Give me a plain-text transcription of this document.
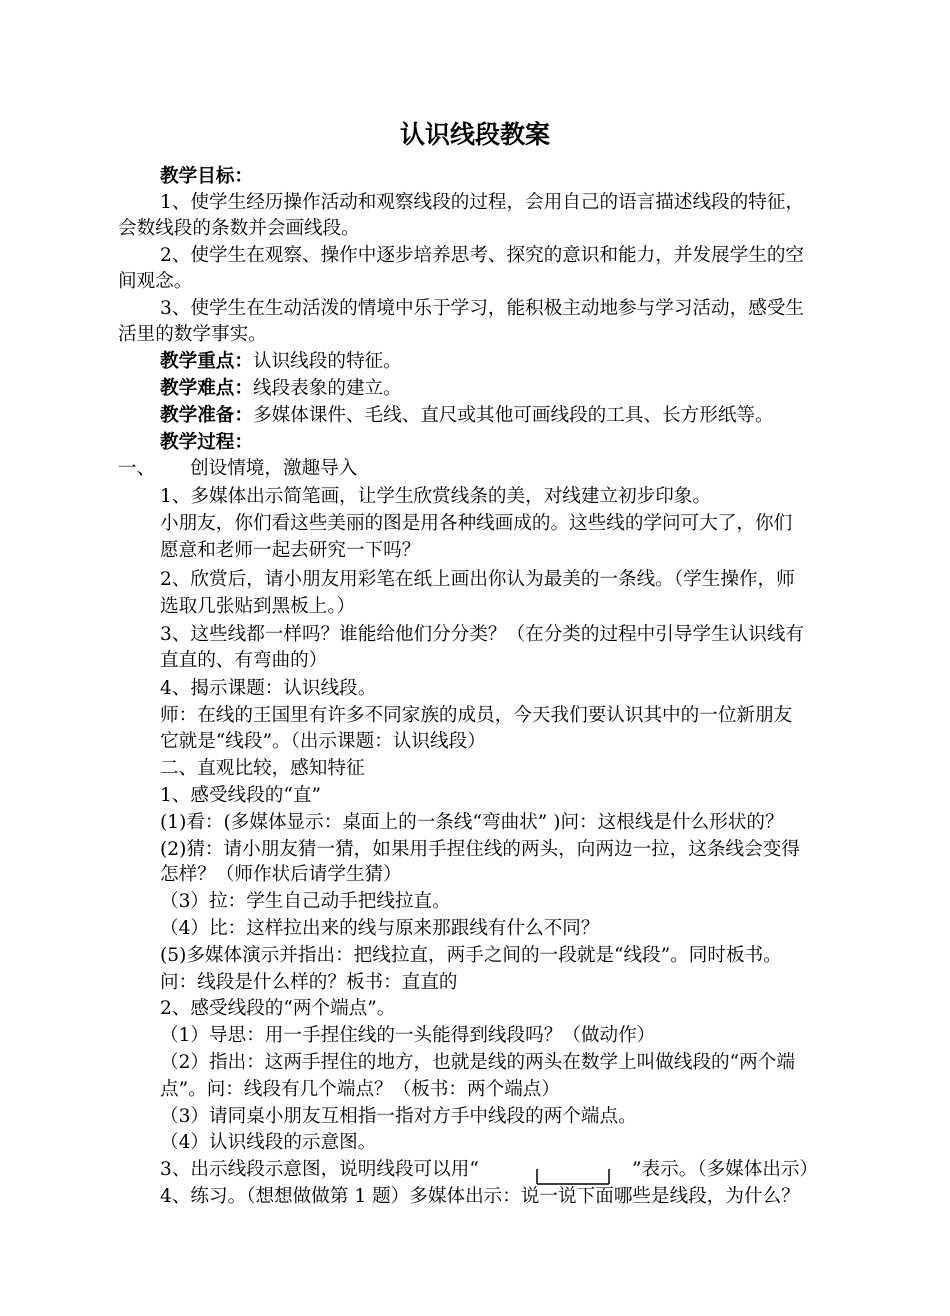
认识线段教案
教学目标：
1、使学生经历操作活动和观察线段的过程，会用自己的语言描述线段的特征，
会数线段的条数并会画线段。
2、使学生在观察、操作中逐步培养思考、探究的意识和能力，并发展学生的空
间观念。
3、使学生在生动活泼的情境中乐于学习，能积极主动地参与学习活动，感受生
活里的数学事实。
教学重点：认识线段的特征。
教学难点：线段表象的建立。
教学准备：多媒体课件、毛线、直尺或其他可画线段的工具、长方形纸等。
教学过程：
一、 创设情境，激趣导入
1、多媒体出示简笔画，让学生欣赏线条的美，对线建立初步印象。
小朋友，你们看这些美丽的图是用各种线画成的。这些线的学问可大了，你们
愿意和老师一起去研究一下吗？
2、欣赏后，请小朋友用彩笔在纸上画出你认为最美的一条线。（学生操作，师
选取几张贴到黑板上。）
3、这些线都一样吗？谁能给他们分分类？（在分类的过程中引导学生认识线有
直直的、有弯曲的）
4、揭示课题：认识线段。
师：在线的王国里有许多不同家族的成员，今天我们要认识其中的一位新朋友
它就是“线段”。（出示课题：认识线段）
二、直观比较，感知特征
1、感受线段的“直”
(1)看：(多媒体显示：桌面上的一条线“弯曲状” )问：这根线是什么形状的？
(2)猜：请小朋友猜一猜，如果用手捏住线的两头，向两边一拉，这条线会变得
怎样？（师作状后请学生猜）
（3）拉：学生自己动手把线拉直。
（4）比：这样拉出来的线与原来那跟线有什么不同？
(5)多媒体演示并指出：把线拉直，两手之间的一段就是“线段”。同时板书。
问：线段是什么样的？板书：直直的
2、感受线段的“两个端点”。
（1）导思：用一手捏住线的一头能得到线段吗？（做动作）
（2）指出：这两手捏住的地方，也就是线的两头在数学上叫做线段的“两个端
点”。问：线段有几个端点？（板书：两个端点）
（3）请同桌小朋友互相指一指对方手中线段的两个端点。
（4）认识线段的示意图。
3、出示线段示意图，说明线段可以用“	”表示。（多媒体出示）
4、练习。（想想做做第 1 题）多媒体出示：说一说下面哪些是线段，为什么？
